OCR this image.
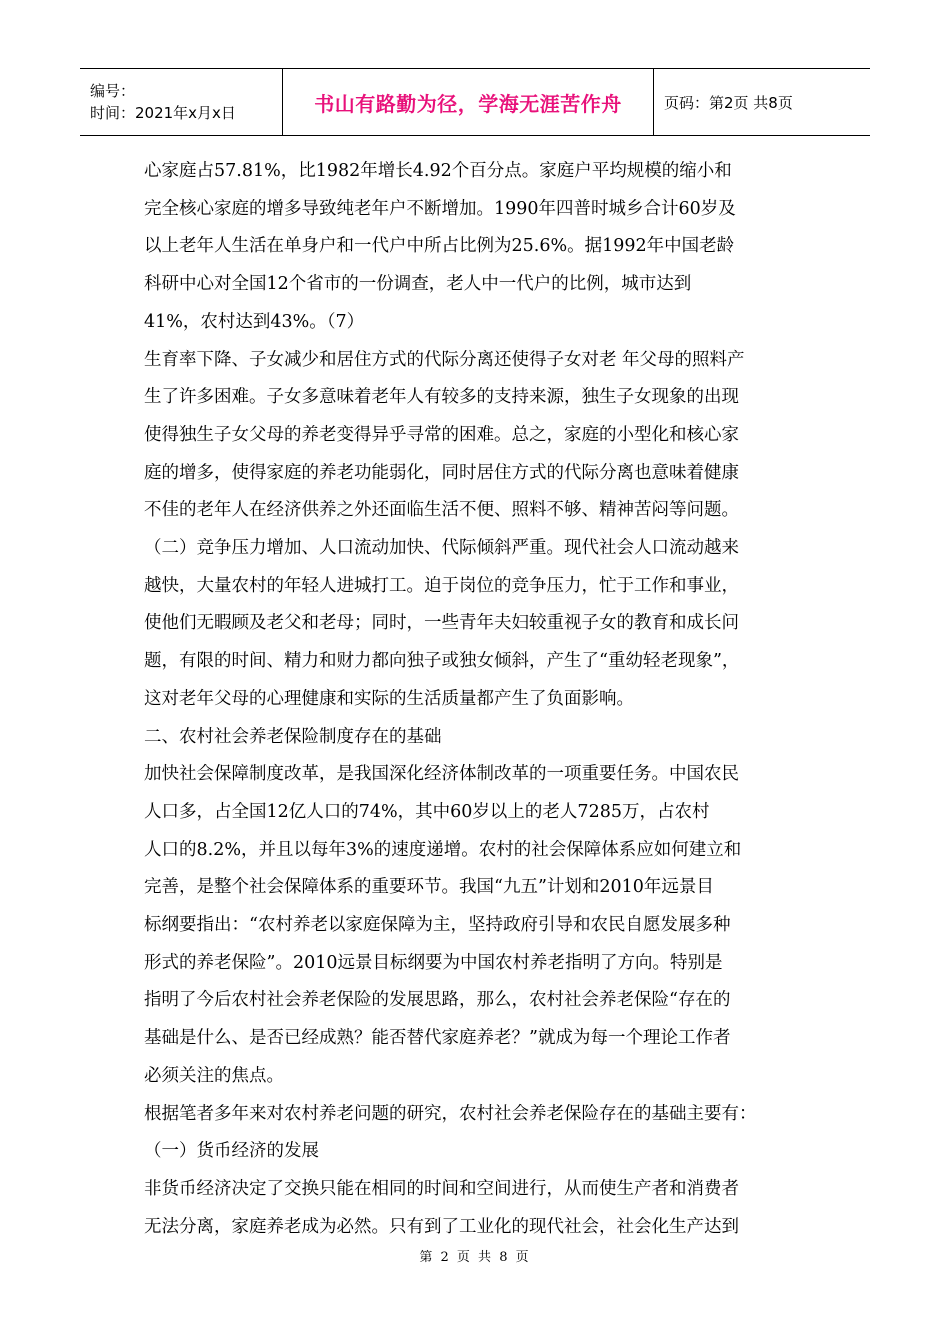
编号：
时间：2021年x月x日	书山有路勤为径，学海无涯苦作舟	页码：第2页 共8页

心家庭占57.81%，比1982年增长4.92个百分点。家庭户平均规模的缩小和

完全核心家庭的增多导致纯老年户不断增加。1990年四普时城乡合计60岁及

以上老年人生活在单身户和一代户中所占比例为25.6%。据1992年中国老龄

科研中心对全国12个省市的一份调查，老人中一代户的比例，城市达到

41%，农村达到43%。（7）

生育率下降、子女减少和居住方式的代际分离还使得子女对老 年父母的照料产

生了许多困难。子女多意味着老年人有较多的支持来源，独生子女现象的出现

使得独生子女父母的养老变得异乎寻常的困难。总之，家庭的小型化和核心家

庭的增多，使得家庭的养老功能弱化，同时居住方式的代际分离也意味着健康

不佳的老年人在经济供养之外还面临生活不便、照料不够、精神苦闷等问题。

（二）竞争压力增加、人口流动加快、代际倾斜严重。现代社会人口流动越来

越快，大量农村的年轻人进城打工。迫于岗位的竞争压力，忙于工作和事业，

使他们无暇顾及老父和老母；同时，一些青年夫妇较重视子女的教育和成长问

题，有限的时间、精力和财力都向独子或独女倾斜，产生了“重幼轻老现象”，

这对老年父母的心理健康和实际的生活质量都产生了负面影响。

二、农村社会养老保险制度存在的基础

加快社会保障制度改革，是我国深化经济体制改革的一项重要任务。中国农民

人口多，占全国12亿人口的74%，其中60岁以上的老人7285万，占农村

人口的8.2%，并且以每年3%的速度递增。农村的社会保障体系应如何建立和

完善，是整个社会保障体系的重要环节。我国“九五”计划和2010年远景目

标纲要指出：“农村养老以家庭保障为主，坚持政府引导和农民自愿发展多种

形式的养老保险”。2010远景目标纲要为中国农村养老指明了方向。特别是

指明了今后农村社会养老保险的发展思路，那么，农村社会养老保险“存在的

基础是什么、是否已经成熟？能否替代家庭养老？”就成为每一个理论工作者

必须关注的焦点。

根据笔者多年来对农村养老问题的研究，农村社会养老保险存在的基础主要有：

（一）货币经济的发展

非货币经济决定了交换只能在相同的时间和空间进行，从而使生产者和消费者

无法分离，家庭养老成为必然。只有到了工业化的现代社会，社会化生产达到

第 2 页 共 8 页
